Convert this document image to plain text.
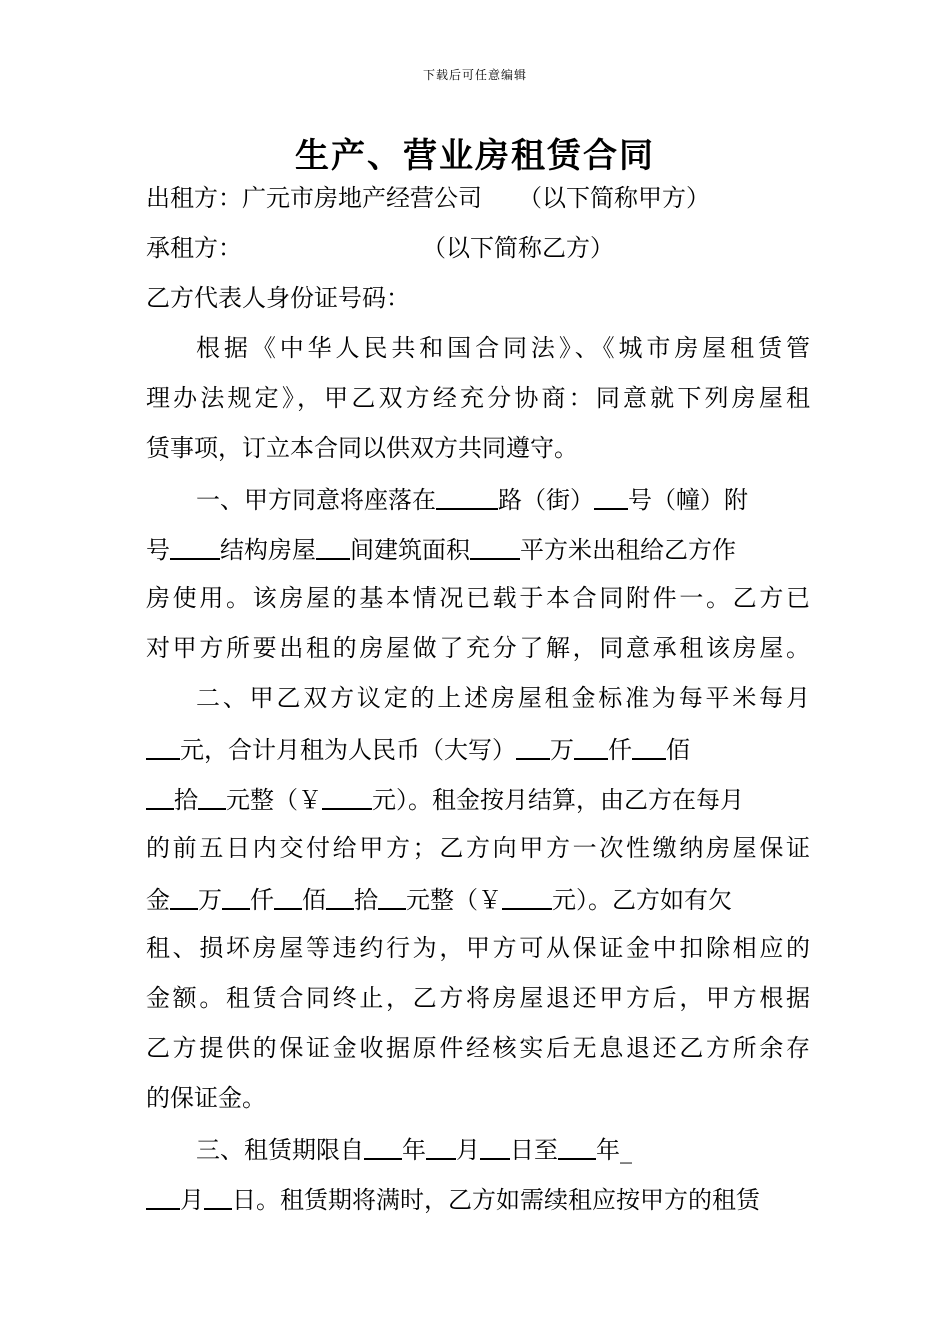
下载后可任意编辑
生产、营业房租赁合同
出租方：广元市房地产经营公司　　（以下简称甲方）
承租方：	（以下简称乙方）
乙方代表人身份证号码：
根据《中华人民共和国合同法》、《城市房屋租赁管
理办法规定》，甲乙双方经充分协商：同意就下列房屋租
赁事项，订立本合同以供双方共同遵守。
一、甲方同意将座落在	路（街） 号（幢）附
号 结构房屋 间建筑面积 平方米出租给乙方作
房使用。该房屋的基本情况已载于本合同附件一。乙方已
对甲方所要出租的房屋做了充分了解，同意承租该房屋。
二、甲乙双方议定的上述房屋租金标准为每平米每月
元，合计月租为人民币（大写） 万 仟 佰
拾 元整（￥ 元）。租金按月结算，由乙方在每月
的前五日内交付给甲方；乙方向甲方一次性缴纳房屋保证
金 万 仟 佰 拾 元整（￥ 元）。乙方如有欠
租、损坏房屋等违约行为，甲方可从保证金中扣除相应的
金额。租赁合同终止，乙方将房屋退还甲方后，甲方根据
乙方提供的保证金收据原件经核实后无息退还乙方所余存
的保证金。
三、租赁期限自 年 月 日至 年_
月 日。租赁期将满时，乙方如需续租应按甲方的租赁
